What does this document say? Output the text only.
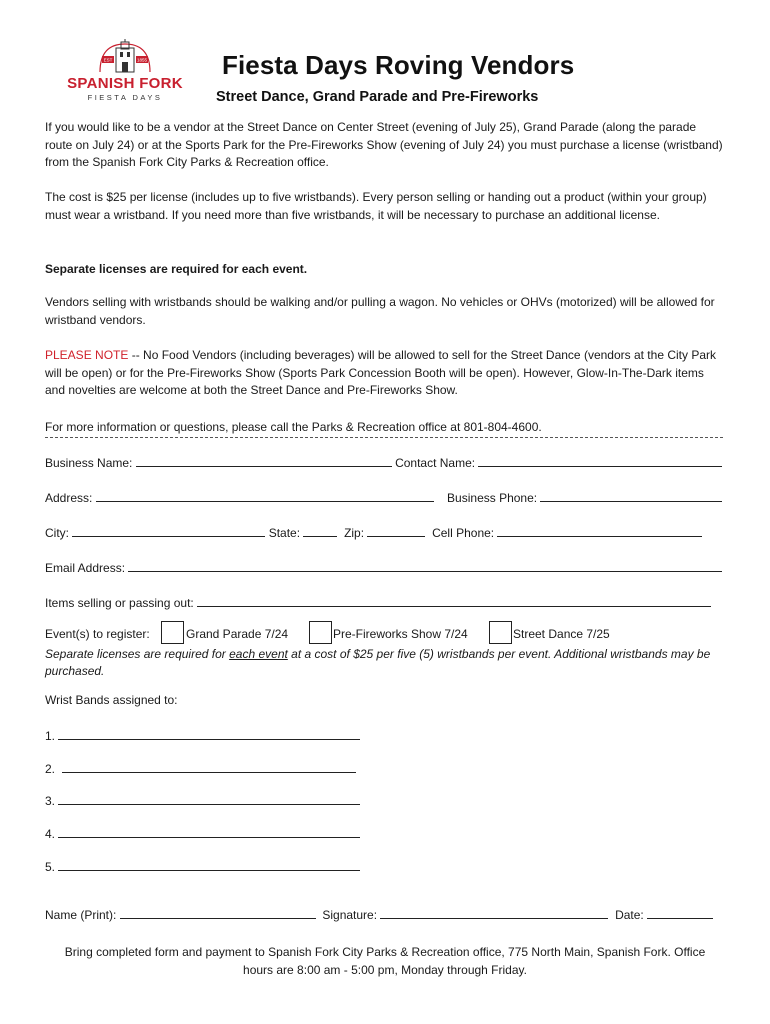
EST	1855
SPANISH FORK
FIESTA DAYS
Fiesta Days Roving Vendors
Street Dance, Grand Parade and Pre-Fireworks
If you would like to be a vendor at the Street Dance on Center Street (evening of July 25), Grand Parade (along the parade route on July 24) or at the Sports Park for the Pre-Fireworks Show (evening of July 24) you must purchase a license (wristband) from the Spanish Fork City Parks & Recreation office.
The cost is $25 per license (includes up to five wristbands). Every person selling or handing out a product (within your group) must wear a wristband. If you need more than five wristbands, it will be necessary to purchase an additional license.
Separate licenses are required for each event.
Vendors selling with wristbands should be walking and/or pulling a wagon. No vehicles or OHVs (motorized) will be allowed for wristband vendors.
PLEASE NOTE -- No Food Vendors (including beverages) will be allowed to sell for the Street Dance (vendors at the City Park will be open) or for the Pre-Fireworks Show (Sports Park Concession Booth will be open). However, Glow-In-The-Dark items and novelties are welcome at both the Street Dance and Pre-Fireworks Show.
For more information or questions, please call the Parks & Recreation office at 801-804-4600.
Business Name:	Contact Name:
Address:	Business Phone:
City:	State:	Zip:	Cell Phone:
Email Address:
Items selling or passing out:
Event(s) to register:	Grand Parade 7/24	Pre-Fireworks Show 7/24	Street Dance 7/25
Separate licenses are required for each event at a cost of $25 per five (5) wristbands per event. Additional wristbands may be purchased.
Wrist Bands assigned to:
1.
2.
3.
4.
5.
Name (Print):	Signature:	Date:
Bring completed form and payment to Spanish Fork City Parks & Recreation office, 775 North Main, Spanish Fork. Office
hours are 8:00 am - 5:00 pm, Monday through Friday.
